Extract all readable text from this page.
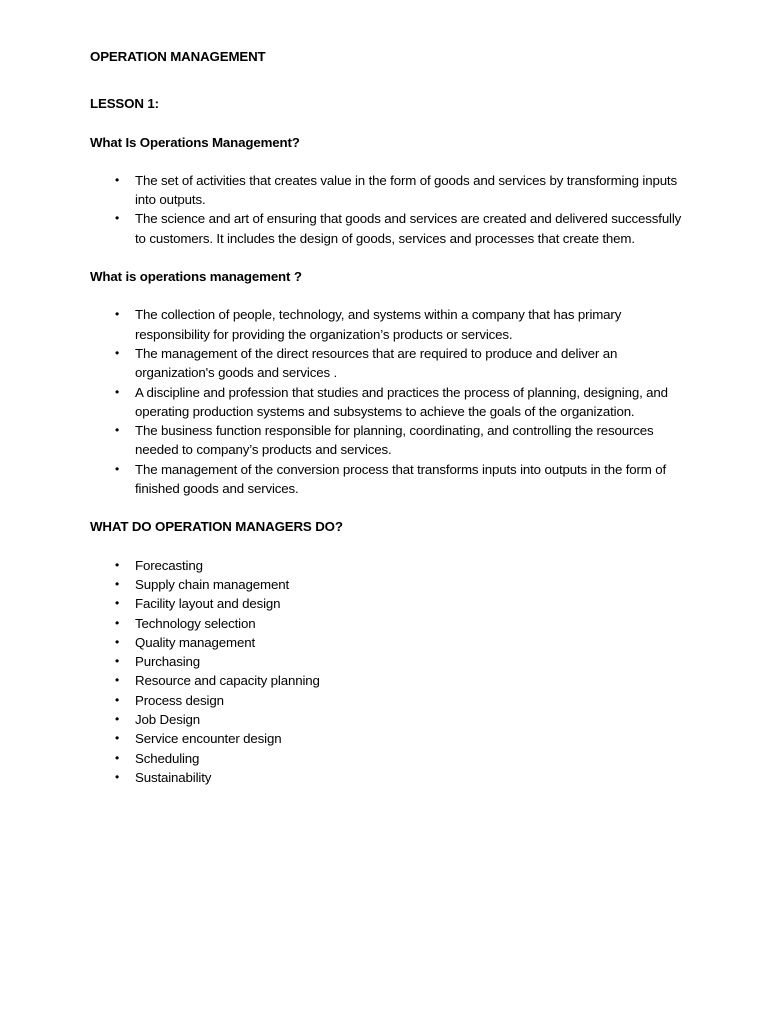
OPERATION MANAGEMENT

LESSON 1:

What Is Operations Management?

• The set of activities that creates value in the form of goods and services by transforming inputs into outputs.
• The science and art of ensuring that goods and services are created and delivered successfully to customers. It includes the design of goods, services and processes that create them.

What is operations management ?

• The collection of people, technology, and systems within a company that has primary responsibility for providing the organization’s products or services.
• The management of the direct resources that are required to produce and deliver an organization's goods and services .
• A discipline and profession that studies and practices the process of planning, designing, and operating production systems and subsystems to achieve the goals of the organization.
• The business function responsible for planning, coordinating, and controlling the resources needed to company’s products and services.
• The management of the conversion process that transforms inputs into outputs in the form of finished goods and services.

WHAT DO OPERATION MANAGERS DO?

• Forecasting
• Supply chain management
• Facility layout and design
• Technology selection
• Quality management
• Purchasing
• Resource and capacity planning
• Process design
• Job Design
• Service encounter design
• Scheduling
• Sustainability
